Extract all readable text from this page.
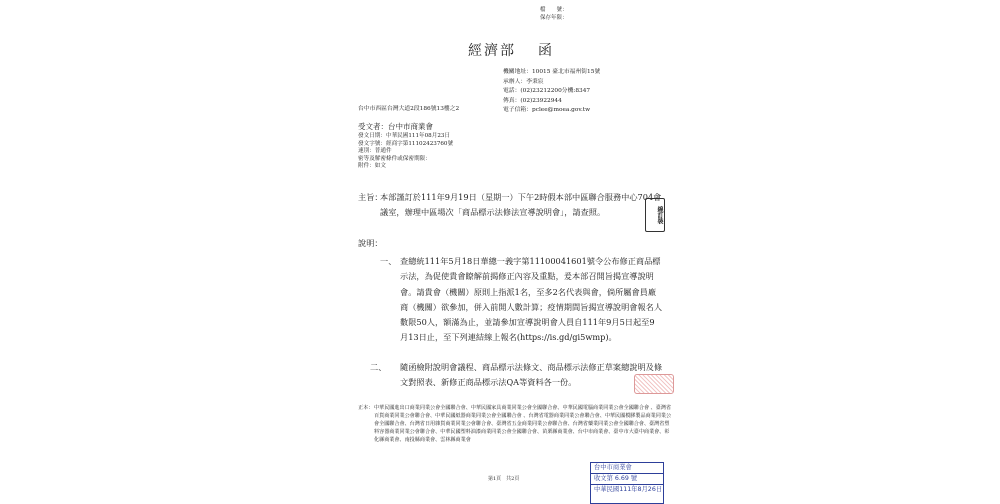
檔　　號：
保存年限：
經濟部 函
機關地址：10015 臺北市福州街15號
承辦人：李秉宸
電話：(02)23212200分機:8347
傳真：(02)23922944
電子信箱：pclee@moea.gov.tw
台中市西區台灣大道2段186號13樓之2
受文者：台中市商業會
發文日期：中華民國111年08月23日
發文字號：經商字第11102423760號
速別：普通件
密等及解密條件或保密期限：
附件：如文
主旨：
本部謹訂於111年9月19日（星期一）下午2時假本部中區聯合服務中心704會議室，辦理中區場次「商品標示法修法宣導說明會」，請查照。
說明：
一、 查總統111年5月18日華總一義字第11100041601號令公布修正商品標示法，為促使貴會瞭解前揭修正內容及重點，爰本部召開旨揭宣導說明會。請貴會（機關）原則上指派1名，至多2名代表與會，倘所屬會員廠商（機關）欲參加，併入前開人數計算；疫情期間旨揭宣導說明會報名人數限50人，額滿為止，並請參加宣導說明會人員自111年9月5日起至9月13日止，至下列連結線上報名(https://is.gd/gi5wmp)。
二、 隨函檢附說明會議程、商品標示法條文、商品標示法修正草案總說明及條文對照表、新修正商品標示法QA等資料各一份。
正本： 中華民國進出口商業同業公會全國聯合會、中華民國家具商業同業公會全國聯合會、中華民國電腦商業同業公會全國聯合會 、臺灣省百貨商業同業公會聯合會、中華民國紙器商業同業公會全國聯合會 、台灣省電器商業同業公會聯合會、中華民國模膠製品商業同業公會全國聯合會、台灣省日用雜貨商業同業公會聯合會、臺灣省五金商業同業公會聯合會、台灣省藥業同業公會全國聯合會、臺灣省塑料容器商業同業公會聯合會、中華民國塑料油漆商業同業公會全國聯合會、苗栗縣商業會、台中市商業會、臺中市大臺中商業會、彰化縣商業會、南投縣商業會、雲林縣商業會
第1頁　共2頁
線訂裝
台中市商業會
收文第 6.69 號
中華民國111年8月26日
